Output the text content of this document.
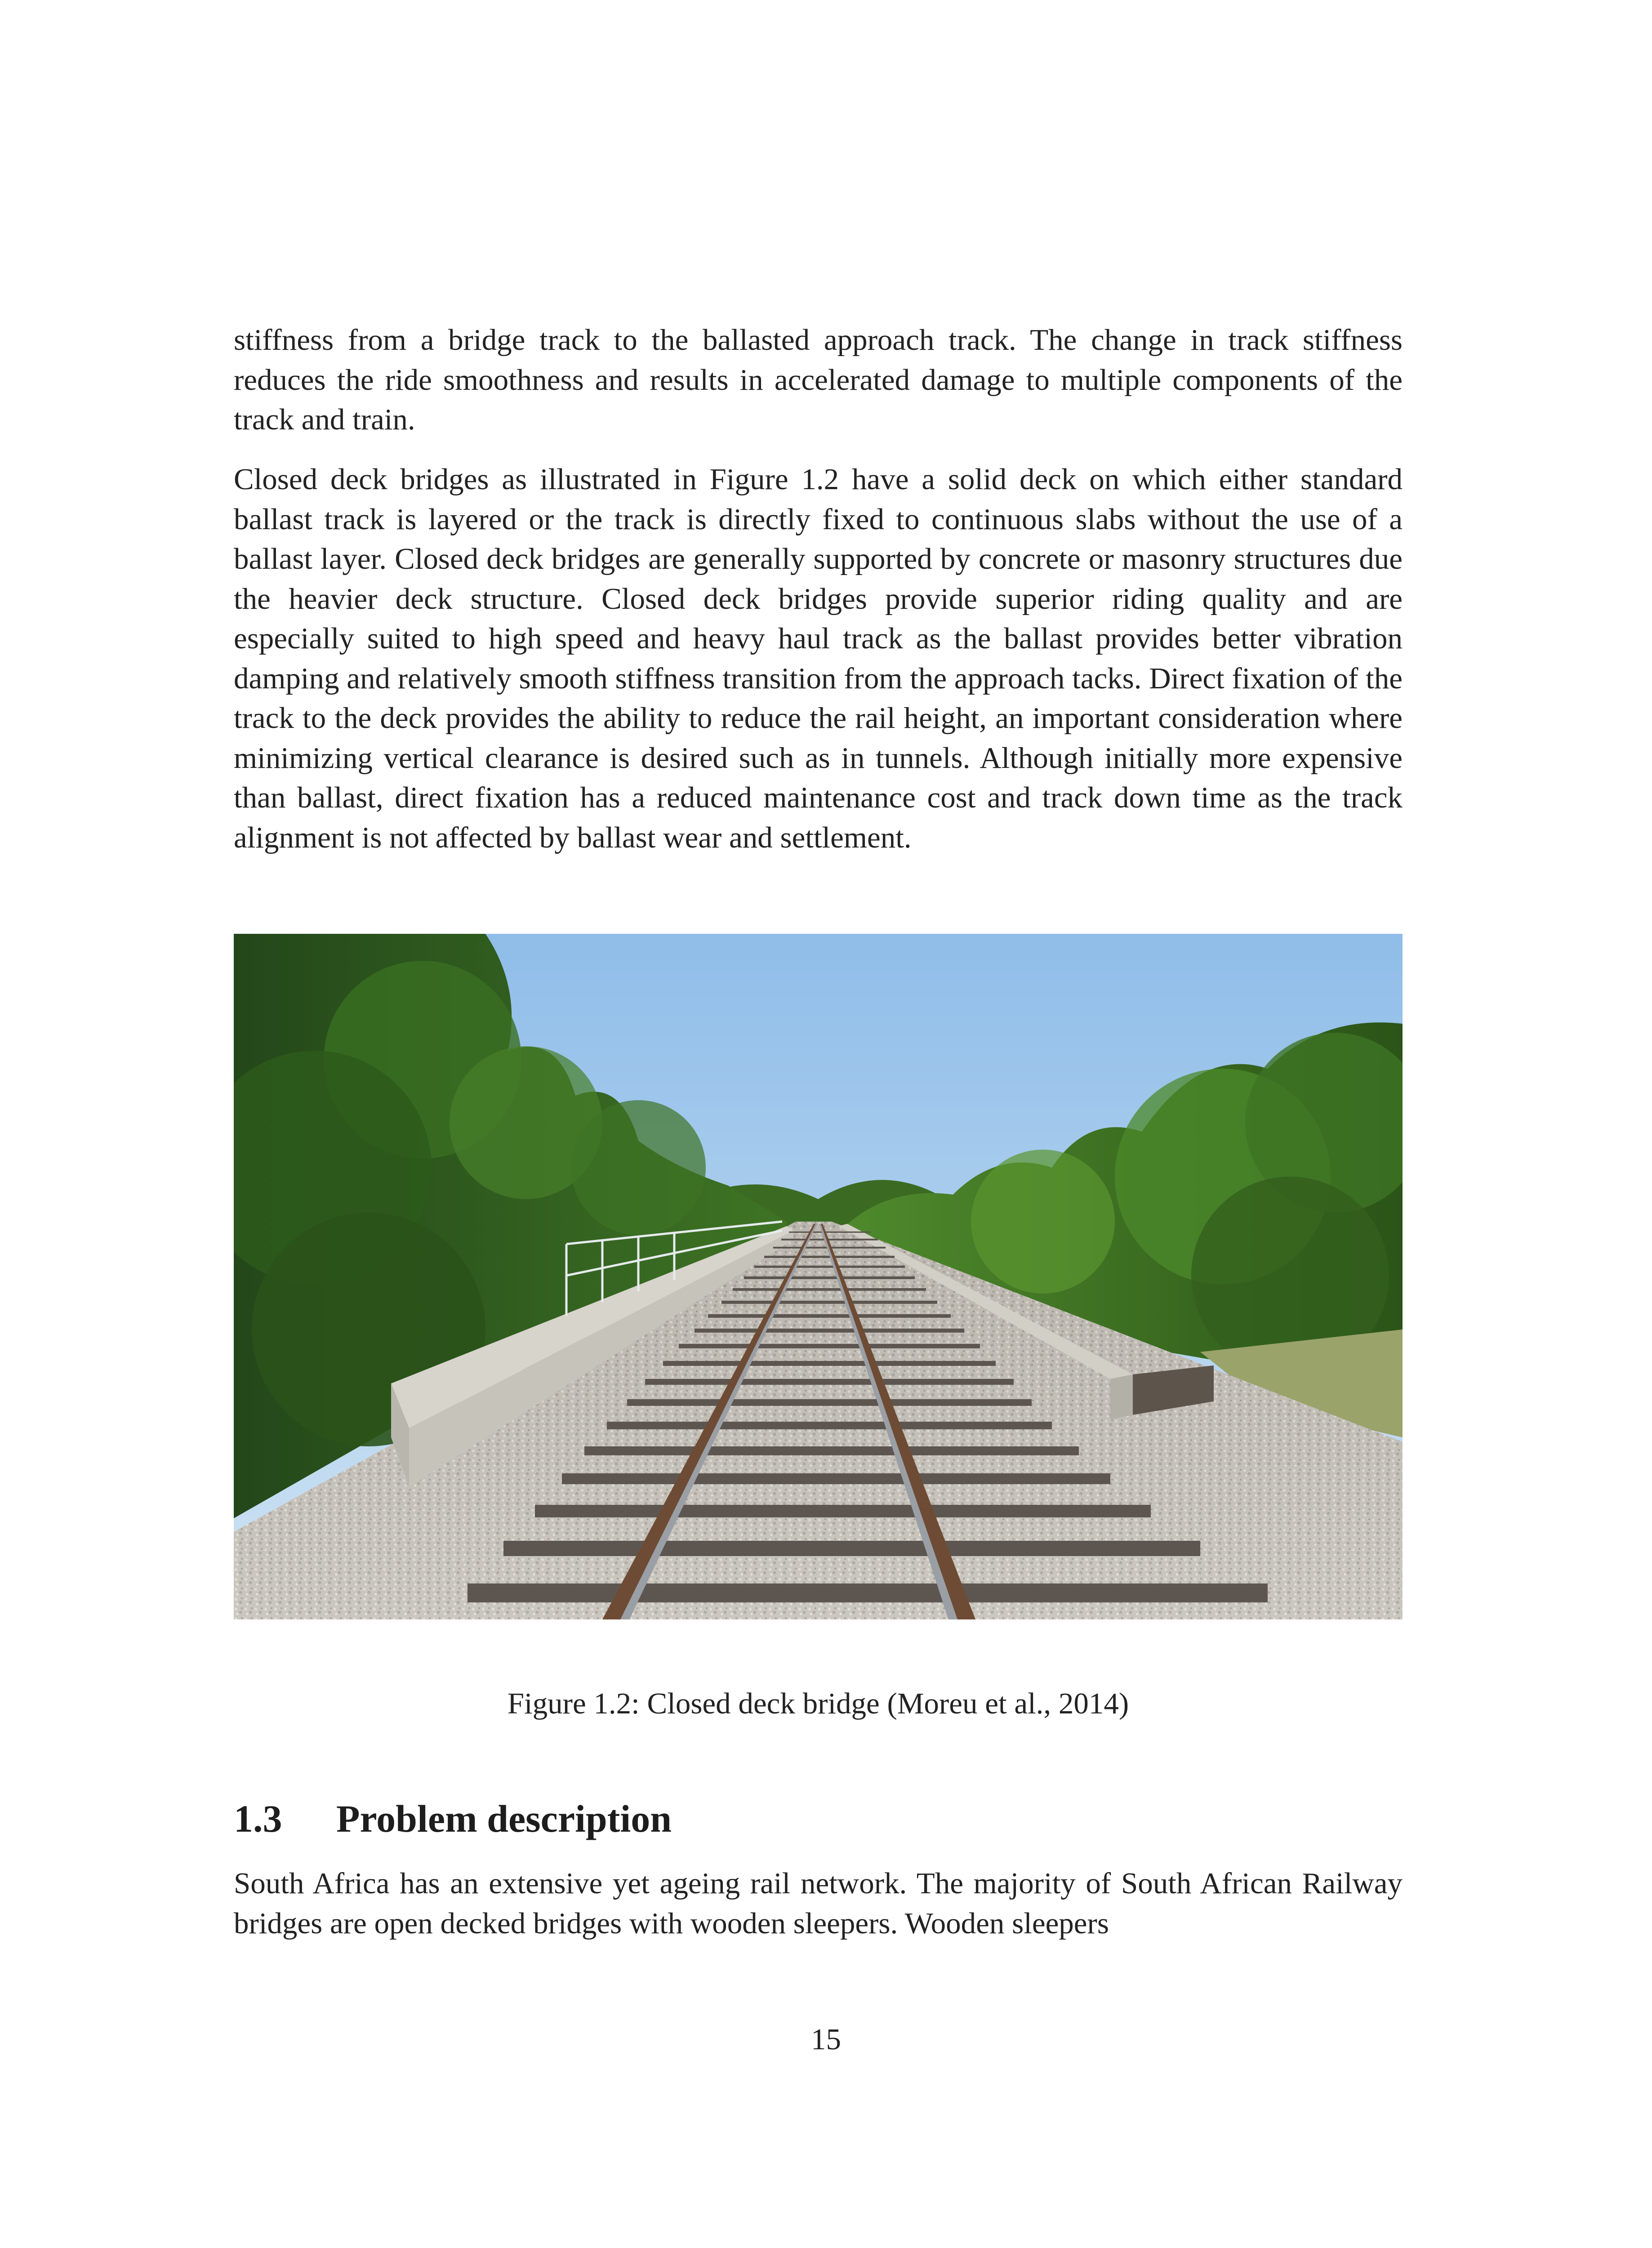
stiffness from a bridge track to the ballasted approach track. The change in track stiffness reduces the ride smoothness and results in accelerated damage to multiple components of the track and train.

Closed deck bridges as illustrated in Figure 1.2 have a solid deck on which either standard ballast track is layered or the track is directly fixed to continuous slabs without the use of a ballast layer. Closed deck bridges are generally supported by concrete or masonry structures due the heavier deck structure. Closed deck bridges provide superior riding quality and are especially suited to high speed and heavy haul track as the ballast provides better vibration damping and relatively smooth stiffness transition from the approach tacks. Direct fixation of the track to the deck provides the ability to reduce the rail height, an important consideration where minimizing vertical clearance is desired such as in tunnels. Although initially more expensive than ballast, direct fixation has a reduced maintenance cost and track down time as the track alignment is not affected by ballast wear and settlement.

Figure 1.2: Closed deck bridge (Moreu et al., 2014)

1.3 Problem description

South Africa has an extensive yet ageing rail network. The majority of South African Railway bridges are open decked bridges with wooden sleepers. Wooden sleepers

15
